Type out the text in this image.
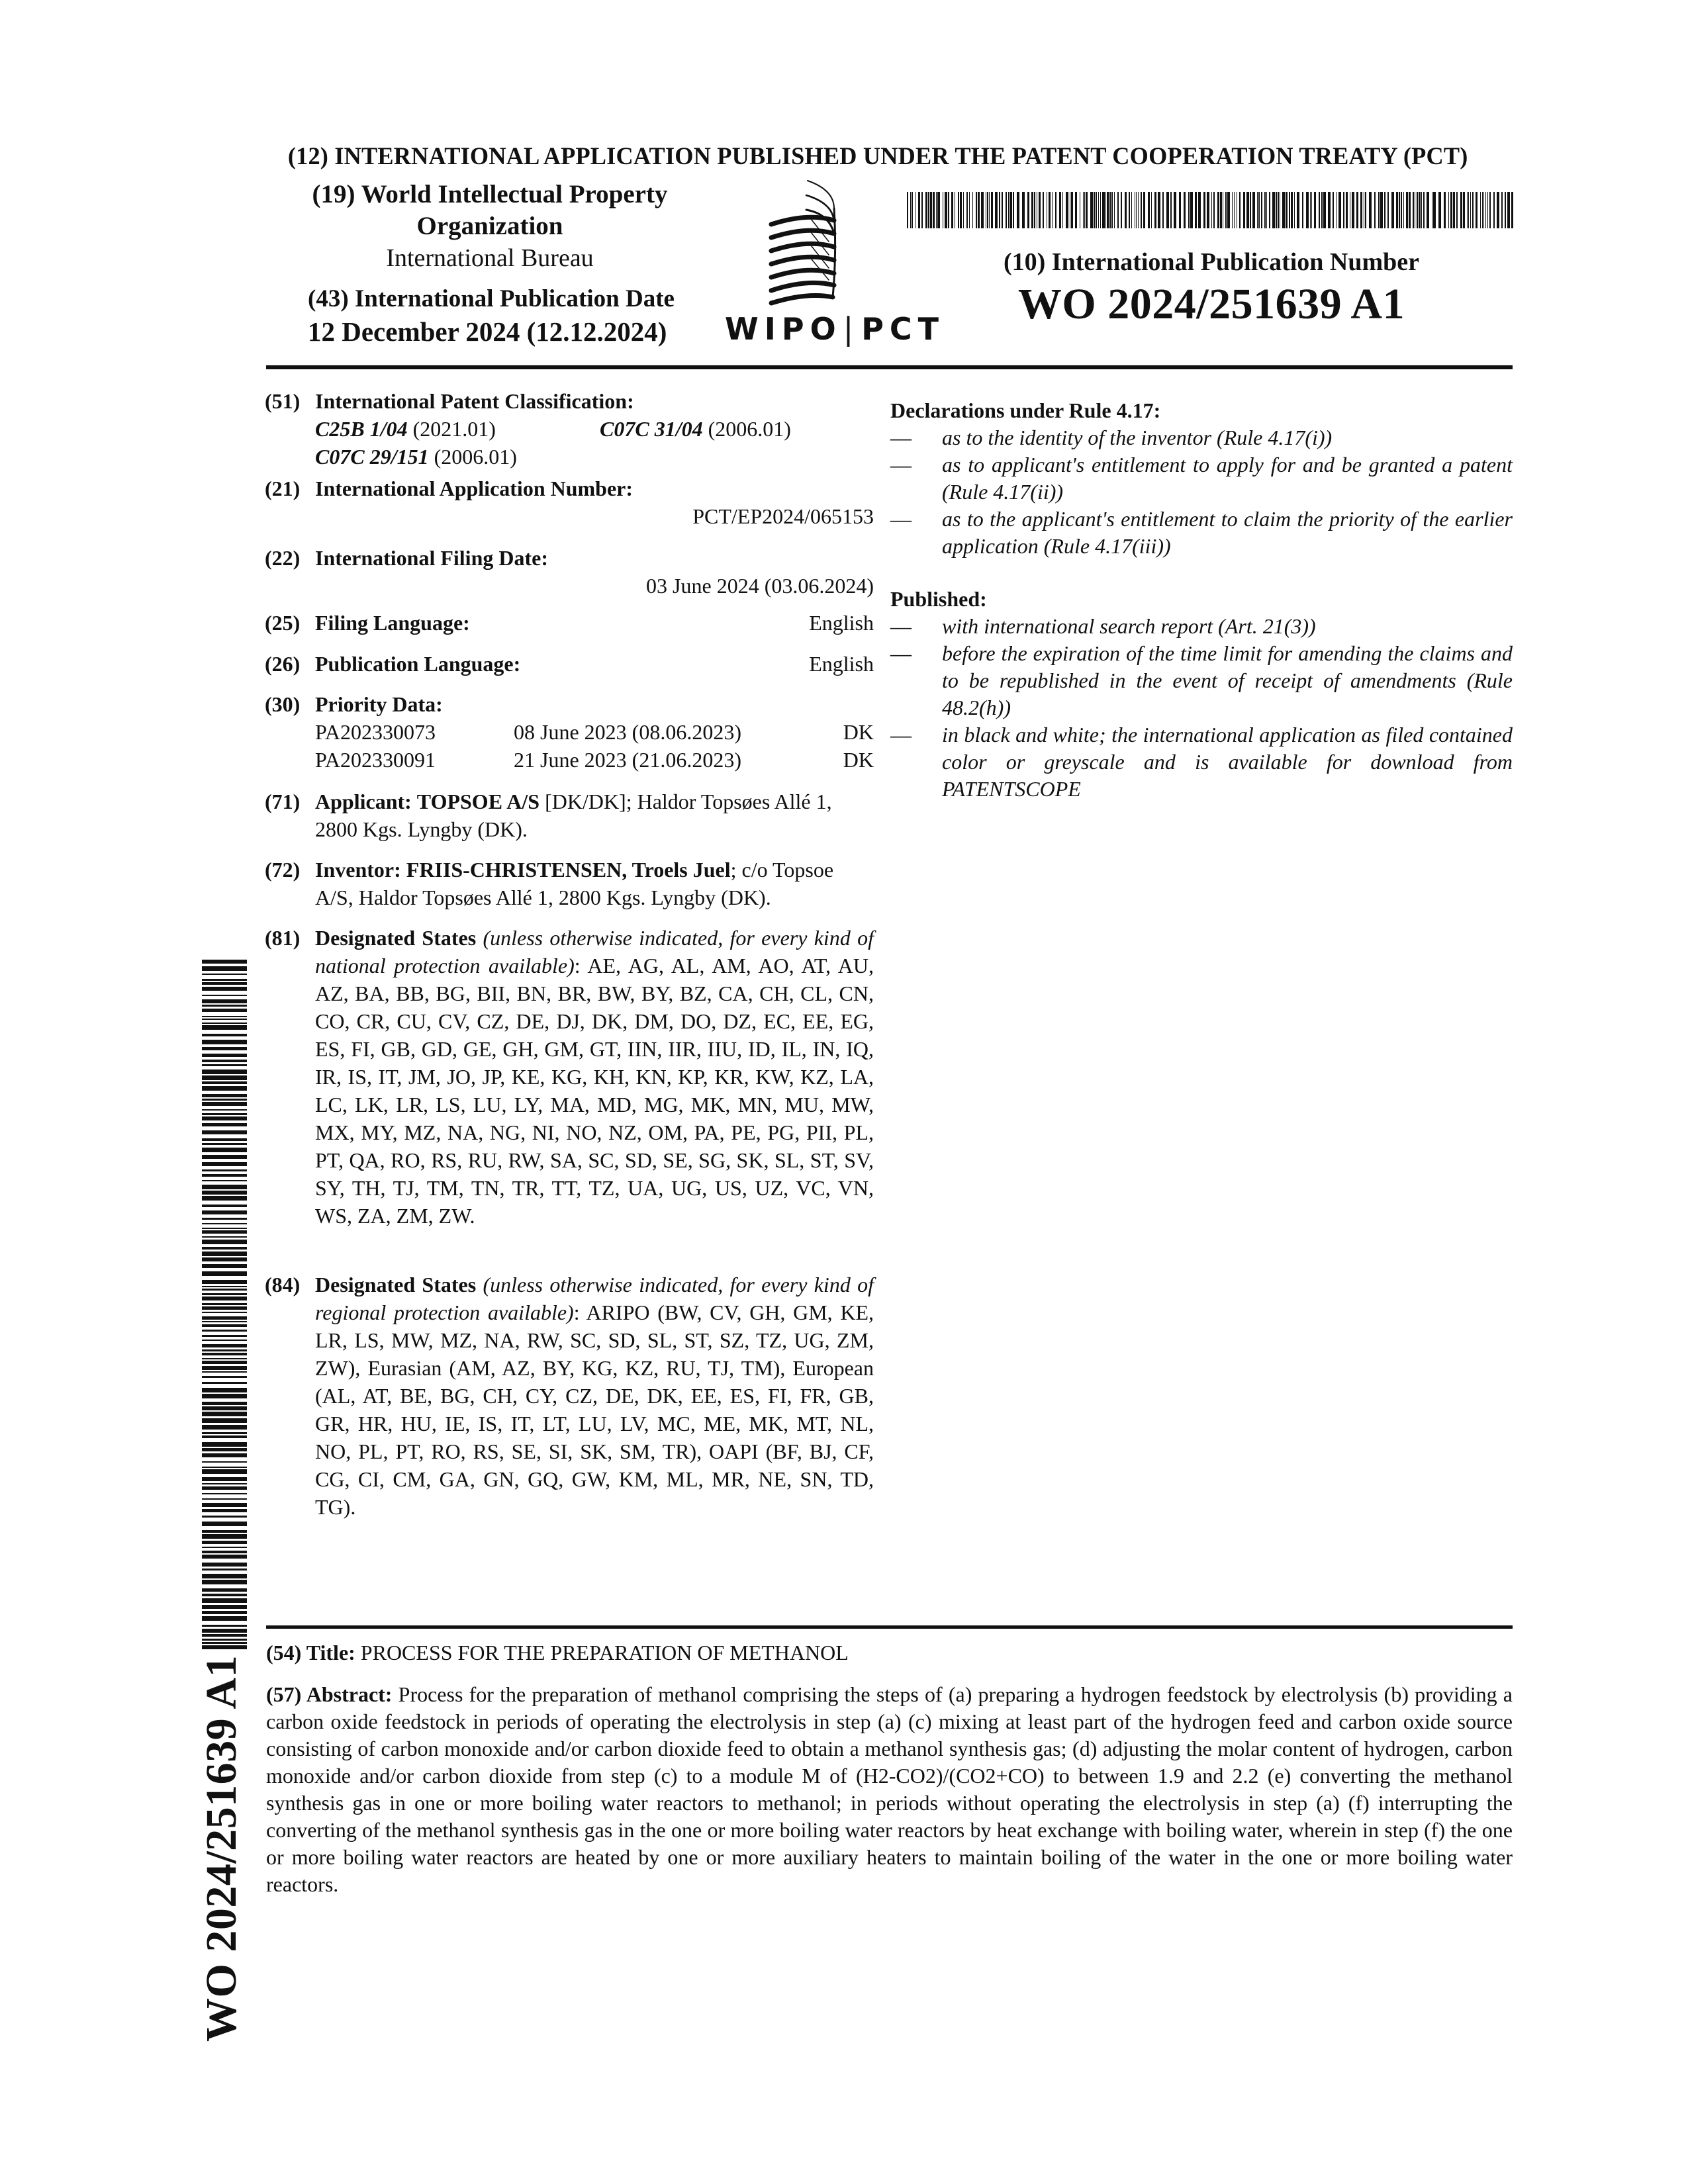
(12) INTERNATIONAL APPLICATION PUBLISHED UNDER THE PATENT COOPERATION TREATY (PCT)
(19) World Intellectual Property
Organization
International Bureau
(43) International Publication Date
12 December 2024 (12.12.2024)	WIPO| PCT
(10) International Publication Number
WO 2024/251639 A1
(51) International Patent Classification:
C25B 1/04 (2021.01)	C07C 31/04 (2006.01)
C07C 29/151 (2006.01)
(21) International Application Number:
PCT/EP2024/065153
(22) International Filing Date:
03 June 2024 (03.06.2024)
(25) Filing Language:	English
(26) Publication Language:	English
(30) Priority Data:
PA202330073	08 June 2023 (08.06.2023)	DK
PA202330091	21 June 2023 (21.06.2023)	DK
(71) Applicant: TOPSOE A/S [DK/DK]; Haldor Topsøes Allé 1, 2800 Kgs. Lyngby (DK).
(72) Inventor: FRIIS-CHRISTENSEN, Troels Juel; c/o Topsoe A/S, Haldor Topsøes Allé 1, 2800 Kgs. Lyngby (DK).
(81) Designated States (unless otherwise indicated, for every kind of national protection available): AE, AG, AL, AM, AO, AT, AU, AZ, BA, BB, BG, BII, BN, BR, BW, BY, BZ, CA, CH, CL, CN, CO, CR, CU, CV, CZ, DE, DJ, DK, DM, DO, DZ, EC, EE, EG, ES, FI, GB, GD, GE, GH, GM, GT, IIN, IIR, IIU, ID, IL, IN, IQ, IR, IS, IT, JM, JO, JP, KE, KG, KH, KN, KP, KR, KW, KZ, LA, LC, LK, LR, LS, LU, LY, MA, MD, MG, MK, MN, MU, MW, MX, MY, MZ, NA, NG, NI, NO, NZ, OM, PA, PE, PG, PII, PL, PT, QA, RO, RS, RU, RW, SA, SC, SD, SE, SG, SK, SL, ST, SV, SY, TH, TJ, TM, TN, TR, TT, TZ, UA, UG, US, UZ, VC, VN, WS, ZA, ZM, ZW.
(84) Designated States (unless otherwise indicated, for every kind of regional protection available): ARIPO (BW, CV, GH, GM, KE, LR, LS, MW, MZ, NA, RW, SC, SD, SL, ST, SZ, TZ, UG, ZM, ZW), Eurasian (AM, AZ, BY, KG, KZ, RU, TJ, TM), European (AL, AT, BE, BG, CH, CY, CZ, DE, DK, EE, ES, FI, FR, GB, GR, HR, HU, IE, IS, IT, LT, LU, LV, MC, ME, MK, MT, NL, NO, PL, PT, RO, RS, SE, SI, SK, SM, TR), OAPI (BF, BJ, CF, CG, CI, CM, GA, GN, GQ, GW, KM, ML, MR, NE, SN, TD, TG).
Declarations under Rule 4.17:
— as to the identity of the inventor (Rule 4.17(i))
— as to applicant's entitlement to apply for and be granted a patent (Rule 4.17(ii))
— as to the applicant's entitlement to claim the priority of the earlier application (Rule 4.17(iii))
Published:
— with international search report (Art. 21(3))
— before the expiration of the time limit for amending the claims and to be republished in the event of receipt of amendments (Rule 48.2(h))
— in black and white; the international application as filed contained color or greyscale and is available for download from PATENTSCOPE
(54) Title: PROCESS FOR THE PREPARATION OF METHANOL
(57) Abstract: Process for the preparation of methanol comprising the steps of (a) preparing a hydrogen feedstock by electrolysis (b) providing a carbon oxide feedstock in periods of operating the electrolysis in step (a) (c) mixing at least part of the hydrogen feed and carbon oxide source consisting of carbon monoxide and/or carbon dioxide feed to obtain a methanol synthesis gas; (d) adjusting the molar content of hydrogen, carbon monoxide and/or carbon dioxide from step (c) to a module M of (H2-CO2)/(CO2+CO) to between 1.9 and 2.2 (e) converting the methanol synthesis gas in one or more boiling water reactors to methanol; in periods without operating the electrolysis in step (a) (f) interrupting the converting of the methanol synthesis gas in the one or more boiling water reactors by heat exchange with boiling water, wherein in step (f) the one or more boiling water reactors are heated by one or more auxiliary heaters to maintain boiling of the water in the one or more boiling water reactors.
WO 2024/251639 A1
